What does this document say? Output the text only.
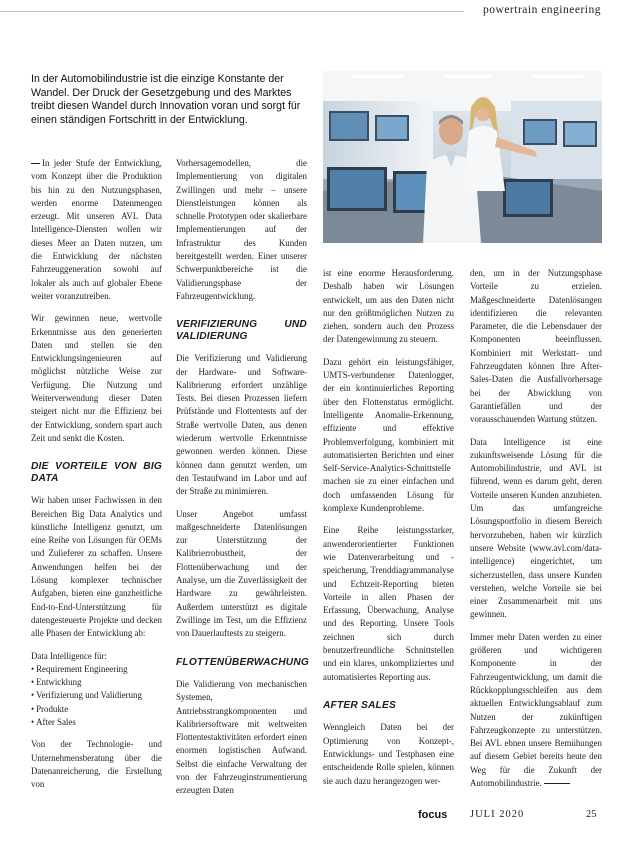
powertrain engineering

In der Automobilindustrie ist die einzige Konstante der Wandel. Der Druck der Gesetzgebung und des Marktes treibt diesen Wandel durch Innovation voran und sorgt für einen ständigen Fortschritt in der Entwicklung.

In jeder Stufe der Entwicklung, vom Konzept über die Produktion bis hin zu den Nutzungsphasen, werden enorme Datenmengen erzeugt. Mit unseren AVL Data Intelligence-Diensten wollen wir dieses Meer an Daten nutzen, um die Entwicklung der nächsten Fahrzeuggeneration sowohl auf lokaler als auch auf globaler Ebene weiter voranzutreiben.

Wir gewinnen neue, wertvolle Erkenntnisse aus den generierten Daten und stellen sie den Entwicklungsingenieuren auf möglichst nützliche Weise zur Verfügung. Die Nutzung und Weiterverwendung dieser Daten steigert nicht nur die Effizienz bei der Entwicklung, sondern spart auch Zeit und senkt die Kosten.

DIE VORTEILE VON BIG DATA

Wir haben unser Fachwissen in den Bereichen Big Data Analytics und künstliche Intelligenz genutzt, um eine Reihe von Lösungen für OEMs und Zulieferer zu schaffen. Unsere Anwendungen helfen bei der Lösung komplexer technischer Aufgaben, bieten eine ganzheitliche End-to-End-Unterstützung für datengesteuerte Projekte und decken alle Phasen der Entwicklung ab:

Data Intelligence für:
• Requirement Engineering
• Entwicklung
• Verifizierung und Validierung
• Produkte
• After Sales

Von der Technologie- und Unternehmensberatung über die Datenanreicherung, die Erstellung von

Vorhersagemodellen, die Implementierung von digitalen Zwillingen und mehr – unsere Dienstleistungen können als schnelle Prototypen oder skalierbare Implementierungen auf der Infrastruktur des Kunden bereitgestellt werden. Einer unserer Schwerpunktbereiche ist die Validierungsphase der Fahrzeugentwicklung.

VERIFIZIERUNG UND VALIDIERUNG

Die Verifizierung und Validierung der Hardware- und Software-Kalibrierung erfordert unzählige Tests. Bei diesen Prozessen liefern Prüfstände und Flottentests auf der Straße wertvolle Daten, aus denen wiederum wertvolle Erkenntnisse gewonnen werden können. Diese können dann genutzt werden, um den Testaufwand im Labor und auf der Straße zu minimieren.

Unser Angebot umfasst maßgeschneiderte Datenlösungen zur Unterstützung der Kalibrierrobustheit, der Flottenüberwachung und der Analyse, um die Zuverlässigkeit der Hardware zu gewährleisten. Außerdem unterstützt es digitale Zwillinge im Test, um die Effizienz von Dauerlauftests zu steigern.

FLOTTENÜBERWACHUNG

Die Validierung von mechanischen Systemen, Antriebsstrangkomponenten und Kalibriersoftware mit weltweiten Flottentestaktivitäten erfordert einen enormen logistischen Aufwand. Selbst die einfache Verwaltung der von der Fahrzeuginstrumentierung erzeugten Daten

ist eine enorme Herausforderung. Deshalb haben wir Lösungen entwickelt, um aus den Daten nicht nur den größtmöglichen Nutzen zu ziehen, sondern auch den Prozess der Datengewinnung zu steuern.

Dazu gehört ein leistungsfähiger, UMTS-verbundener Datenlogger, der ein kontinuierliches Reporting über den Flottenstatus ermöglicht. Intelligente Anomalie-Erkennung, effiziente und effektive Problemverfolgung, kombiniert mit automatisierten Berichten und einer Self-Service-Analytics-Schnittstelle machen sie zu einer einfachen und doch umfassenden Lösung für komplexe Kundenprobleme.

Eine Reihe leistungsstarker, anwenderorientierter Funktionen wie Datenverarbeitung und -speicherung, Trenddiagrammanalyse und Echtzeit-Reporting bieten Vorteile in allen Phasen der Erfassung, Überwachung, Analyse und des Reporting. Unsere Tools zeichnen sich durch benutzerfreundliche Schnittstellen und ein klares, unkompliziertes und automatisiertes Reporting aus.

AFTER SALES

Wenngleich Daten bei der Optimierung von Konzept-, Entwicklungs- und Testphasen eine entscheidende Rolle spielen, können sie auch dazu herangezogen wer-

den, um in der Nutzungsphase Vorteile zu erzielen. Maßgeschneiderte Datenlösungen identifizieren die relevanten Parameter, die die Lebensdauer der Komponenten beeinflussen. Kombiniert mit Werkstatt- und Fahrzeugdaten können Ihre After-Sales-Daten die Ausfallvorhersage bei der Abwicklung von Garantiefällen und der vorausschauenden Wartung stützen.

Data Intelligence ist eine zukunftsweisende Lösung für die Automobilindustrie, und AVL ist führend, wenn es darum geht, deren Vorteile unseren Kunden anzubieten. Um das umfangreiche Lösungsportfolio in diesem Bereich hervorzuheben, haben wir kürzlich unsere Website (www.avl.com/data-intelligence) eingerichtet, um sicherzustellen, dass unsere Kunden verstehen, welche Vorteile sie bei einer Zusammenarbeit mit uns gewinnen.

Immer mehr Daten werden zu einer größeren und wichtigeren Komponente in der Fahrzeugentwicklung, um damit die Rückkopplungsschleifen aus dem aktuellen Entwicklungsablauf zum Nutzen der zukünftigen Fahrzeugkonzepte zu unterstützen. Bei AVL ebnen unsere Bemühungen auf diesem Gebiet bereits heute den Weg für die Zukunft der Automobilindustrie.

focus JULI 2020	25
